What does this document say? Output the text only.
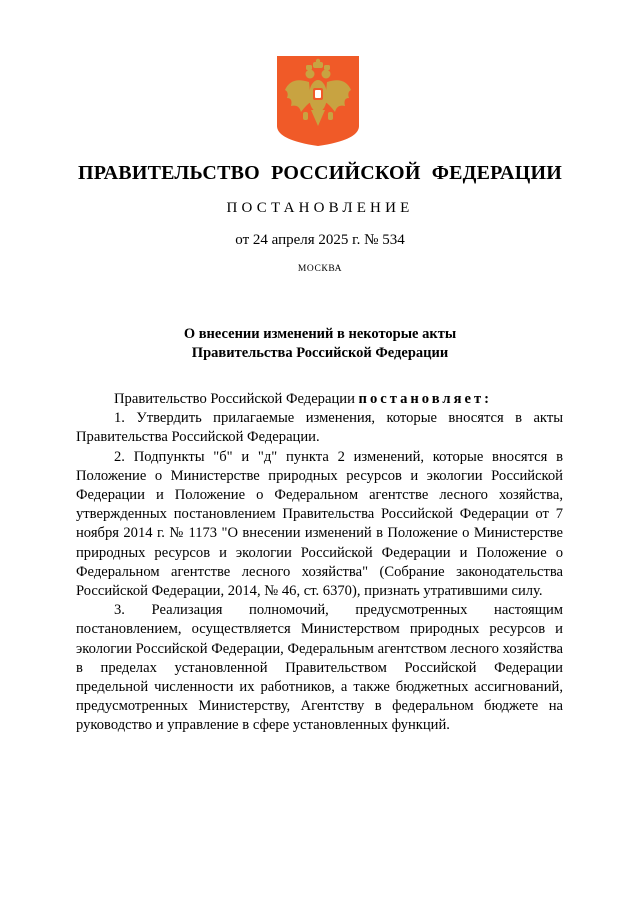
ПРАВИТЕЛЬСТВО РОССИЙСКОЙ ФЕДЕРАЦИИ
ПОСТАНОВЛЕНИЕ
от 24 апреля 2025 г. № 534
МОСКВА
О внесении изменений в некоторые акты
Правительства Российской Федерации

Правительство Российской Федерации постановляет:

1. Утвердить прилагаемые изменения, которые вносятся в акты Правительства Российской Федерации.

2. Подпункты "б" и "д" пункта 2 изменений, которые вносятся в Положение о Министерстве природных ресурсов и экологии Российской Федерации и Положение о Федеральном агентстве лесного хозяйства, утвержденных постановлением Правительства Российской Федерации от 7 ноября 2014 г. № 1173 "О внесении изменений в Положение о Министерстве природных ресурсов и экологии Российской Федерации и Положение о Федеральном агентстве лесного хозяйства" (Собрание законодательства Российской Федерации, 2014, № 46, ст. 6370), признать утратившими силу.

3. Реализация полномочий, предусмотренных настоящим постановлением, осуществляется Министерством природных ресурсов и экологии Российской Федерации, Федеральным агентством лесного хозяйства в пределах установленной Правительством Российской Федерации предельной численности их работников, а также бюджетных ассигнований, предусмотренных Министерству, Агентству в федеральном бюджете на руководство и управление в сфере установленных функций.
